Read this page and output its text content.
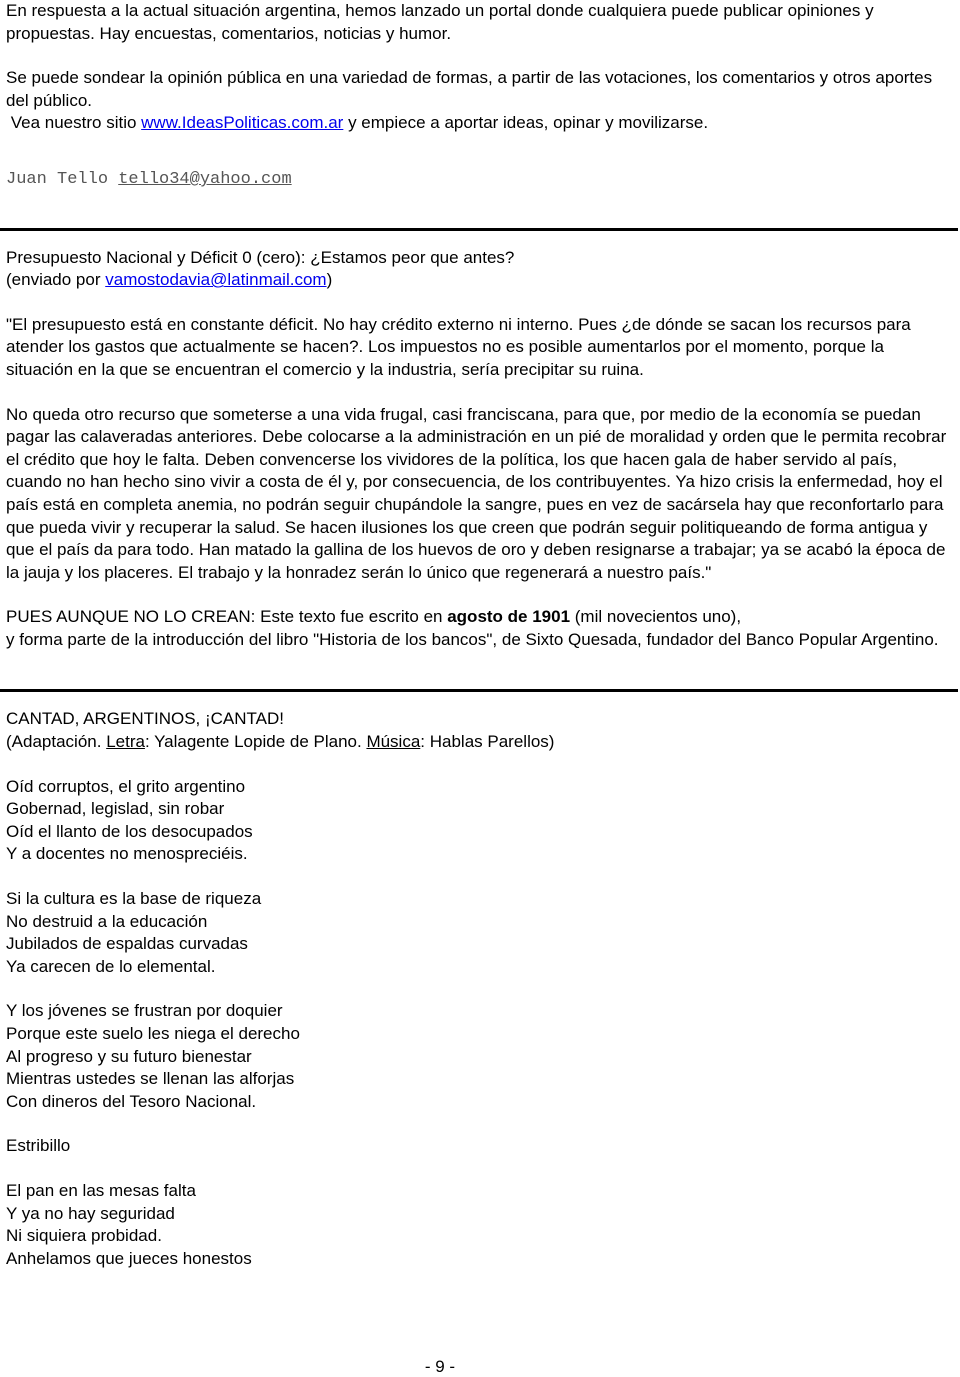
En respuesta a la actual situación argentina, hemos lanzado un portal donde cualquiera puede publicar opiniones y propuestas. Hay encuestas, comentarios, noticias y humor.

Se puede sondear la opinión pública en una variedad de formas, a partir de las votaciones, los comentarios y otros aportes del público.

Vea nuestro sitio www.IdeasPoliticas.com.ar y empiece a aportar ideas, opinar y movilizarse.

Juan Tello tello34@yahoo.com

Presupuesto Nacional y Déficit 0 (cero): ¿Estamos peor que antes?

(enviado por vamostodavia@latinmail.com)

"El presupuesto está en constante déficit. No hay crédito externo ni interno. Pues ¿de dónde se sacan los recursos para atender los gastos que actualmente se hacen?. Los impuestos no es posible aumentarlos por el momento, porque la situación en la que se encuentran el comercio y la industria, sería precipitar su ruina.

No queda otro recurso que someterse a una vida frugal, casi franciscana, para que, por medio de la economía se puedan pagar las calaveradas anteriores. Debe colocarse a la administración en un pié de moralidad y orden que le permita recobrar el crédito que hoy le falta. Deben convencerse los vividores de la política, los que hacen gala de haber servido al país, cuando no han hecho sino vivir a costa de él y, por consecuencia, de los contribuyentes. Ya hizo crisis la enfermedad, hoy el país está en completa anemia, no podrán seguir chupándole la sangre, pues en vez de sacársela hay que reconfortarlo para que pueda vivir y recuperar la salud. Se hacen ilusiones los que creen que podrán seguir politiqueando de forma antigua y que el país da para todo. Han matado la gallina de los huevos de oro y deben resignarse a trabajar; ya se acabó la época de la jauja y los placeres. El trabajo y la honradez serán lo único que regenerará a nuestro país."

PUES AUNQUE NO LO CREAN: Este texto fue escrito en agosto de 1901 (mil novecientos uno),

y forma parte de la introducción del libro "Historia de los bancos", de Sixto Quesada, fundador del Banco Popular Argentino.

CANTAD, ARGENTINOS, ¡CANTAD!

(Adaptación. Letra: Yalagente Lopide de Plano. Música: Hablas Parellos)

Oíd corruptos, el grito argentino

Gobernad, legislad, sin robar

Oíd el llanto de los desocupados

Y a docentes no menospreciéis.

Si la cultura es la base de riqueza

No destruid a la educación

Jubilados de espaldas curvadas

Ya carecen de lo elemental.

Y los jóvenes se frustran por doquier

Porque este suelo les niega el derecho

Al progreso y su futuro bienestar

Mientras ustedes se llenan las alforjas

Con dineros del Tesoro Nacional.

Estribillo

El pan en las mesas falta

Y ya no hay seguridad

Ni siquiera probidad.

Anhelamos que jueces honestos

- 9 -
